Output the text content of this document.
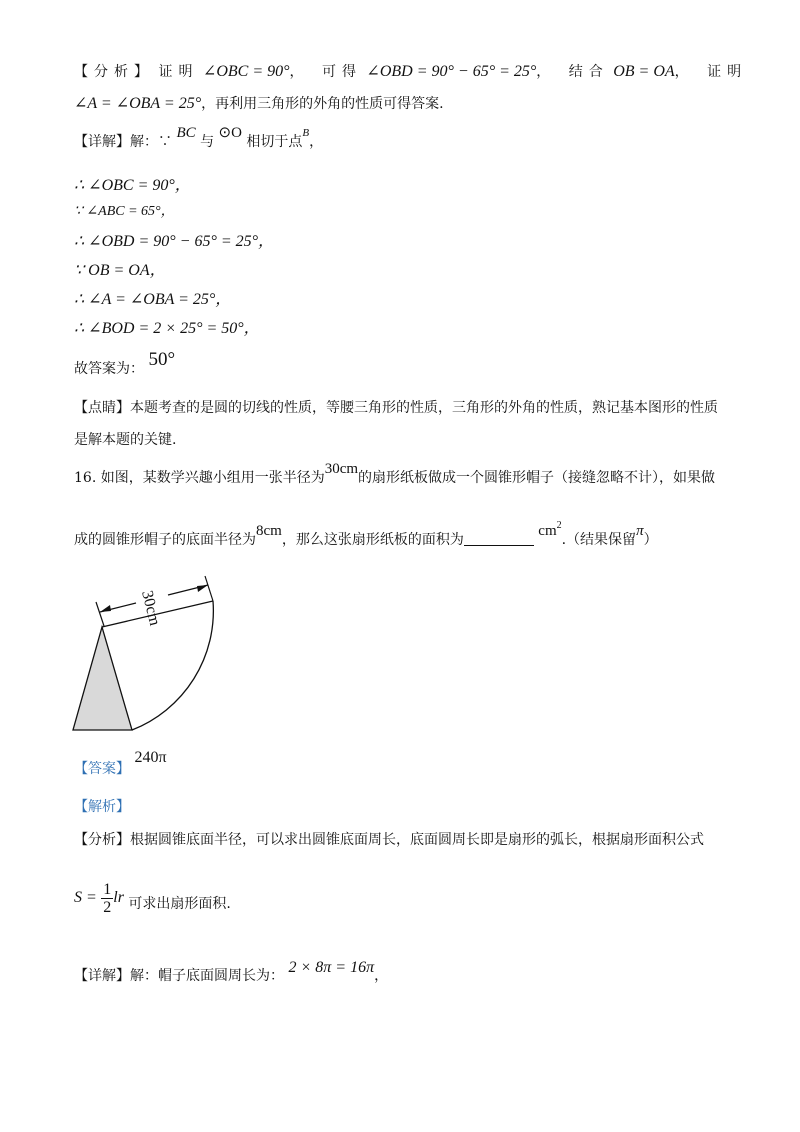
【分析】 证明 ∠OBC = 90°， 可得 ∠OBD = 90° − 65° = 25°， 结合 OB = OA， 证明
∠A = ∠OBA = 25°，再利用三角形的外角的性质可得答案.
【详解】解：∵ BC 与 ⊙O 相切于点$^B$，
∴ ∠OBC = 90°，
∵ ∠ABC = 65°，
∴ ∠OBD = 90° − 65° = 25°，
∵ OB = OA，
∴ ∠A = ∠OBA = 25°，
∴ ∠BOD = 2 × 25° = 50°，
故答案为： 50°
【点睛】本题考查的是圆的切线的性质，等腰三角形的性质，三角形的外角的性质，熟记基本图形的性质
是解本题的关键.
16. 如图，某数学兴趣小组用一张半径为30cm的扇形纸板做成一个圆锥形帽子（接缝忽略不计），如果做
成的圆锥形帽子的底面半径为8cm，那么这张扇形纸板的面积为 $cm^2$.（结果保留π）
30cm
【答案】 240π
【解析】
【分析】根据圆锥底面半径，可以求出圆锥底面周长，底面圆周长即是扇形的弧长，根据扇形面积公式
$S = \frac{1}{2}$ lr 可求出扇形面积.
【详解】解：帽子底面圆周长为： 2 × 8π = 16π，
